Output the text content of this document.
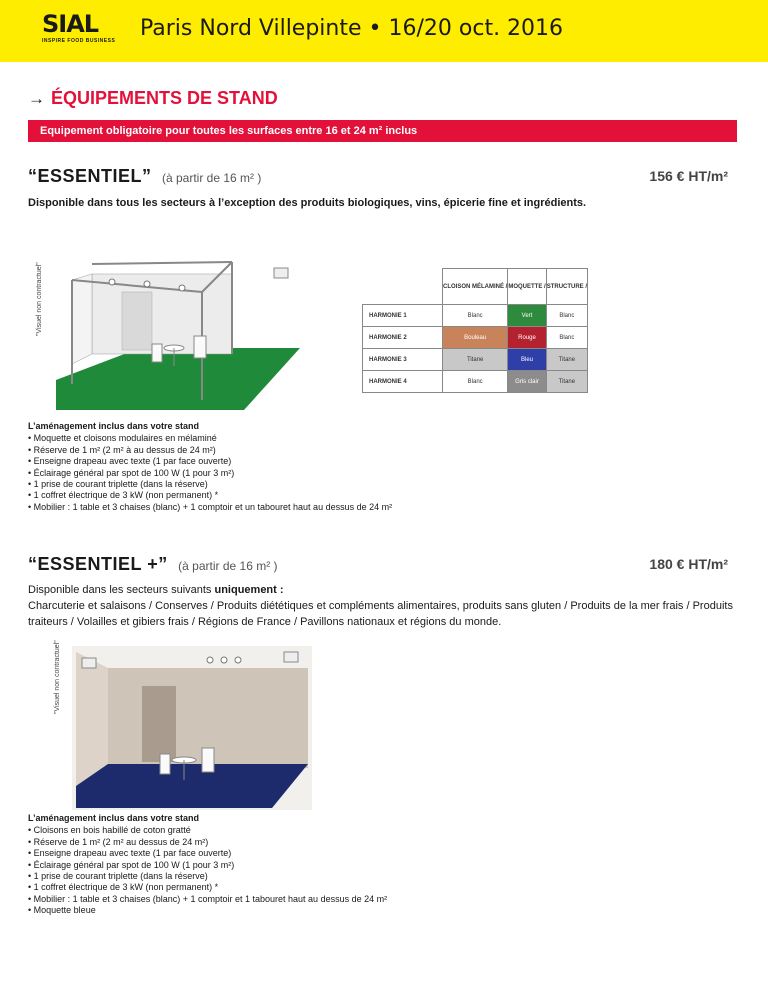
SIAL
INSPIRE FOOD BUSINESS Paris Nord Villepinte • 16/20 oct. 2016
→ ÉQUIPEMENTS DE STAND
Equipement obligatoire pour toutes les surfaces entre 16 et 24 m² inclus
“ESSENTIEL” (à partir de 16 m² )	156 € HT/m²
Disponible dans tous les secteurs à l’exception des produits biologiques, vins, épicerie fine et ingrédients.
"Visuel non contractuel"
		CLOISON MÉLAMINÉ /	MOQUETTE /	STRUCTURE /
HARMONIE 1	Blanc	Vert	Blanc
HARMONIE 2	Bouleau	Rouge	Blanc
HARMONIE 3	Titane	Bleu	Titane
HARMONIE 4	Blanc	Gris clair	Titane
L’aménagement inclus dans votre stand
• Moquette et cloisons modulaires en mélaminé
• Réserve de 1 m² (2 m² à au dessus de 24 m²)
• Enseigne drapeau avec texte (1 par face ouverte)
• Éclairage général par spot de 100 W (1 pour 3 m²)
• 1 prise de courant triplette (dans la réserve)
• 1 coffret électrique de 3 kW (non permanent) *
• Mobilier : 1 table et 3 chaises (blanc) + 1 comptoir et un tabouret haut au dessus de 24 m²
“ESSENTIEL +” (à partir de 16 m² )	180 € HT/m²
Disponible dans les secteurs suivants uniquement :
Charcuterie et salaisons / Conserves / Produits diététiques et compléments alimentaires, produits sans gluten / Produits de la mer frais / Produits traiteurs / Volailles et gibiers frais / Régions de France / Pavillons nationaux et régions du monde.
"Visuel non contractuel"
L’aménagement inclus dans votre stand
• Cloisons en bois habillé de coton gratté
• Réserve de 1 m² (2 m² au dessus de 24 m²)
• Enseigne drapeau avec texte (1 par face ouverte)
• Éclairage général par spot de 100 W (1 pour 3 m²)
• 1 prise de courant triplette (dans la réserve)
• 1 coffret électrique de 3 kW (non permanent) *
• Mobilier : 1 table et 3 chaises (blanc) + 1 comptoir et 1 tabouret haut au dessus de 24 m²
• Moquette bleue
